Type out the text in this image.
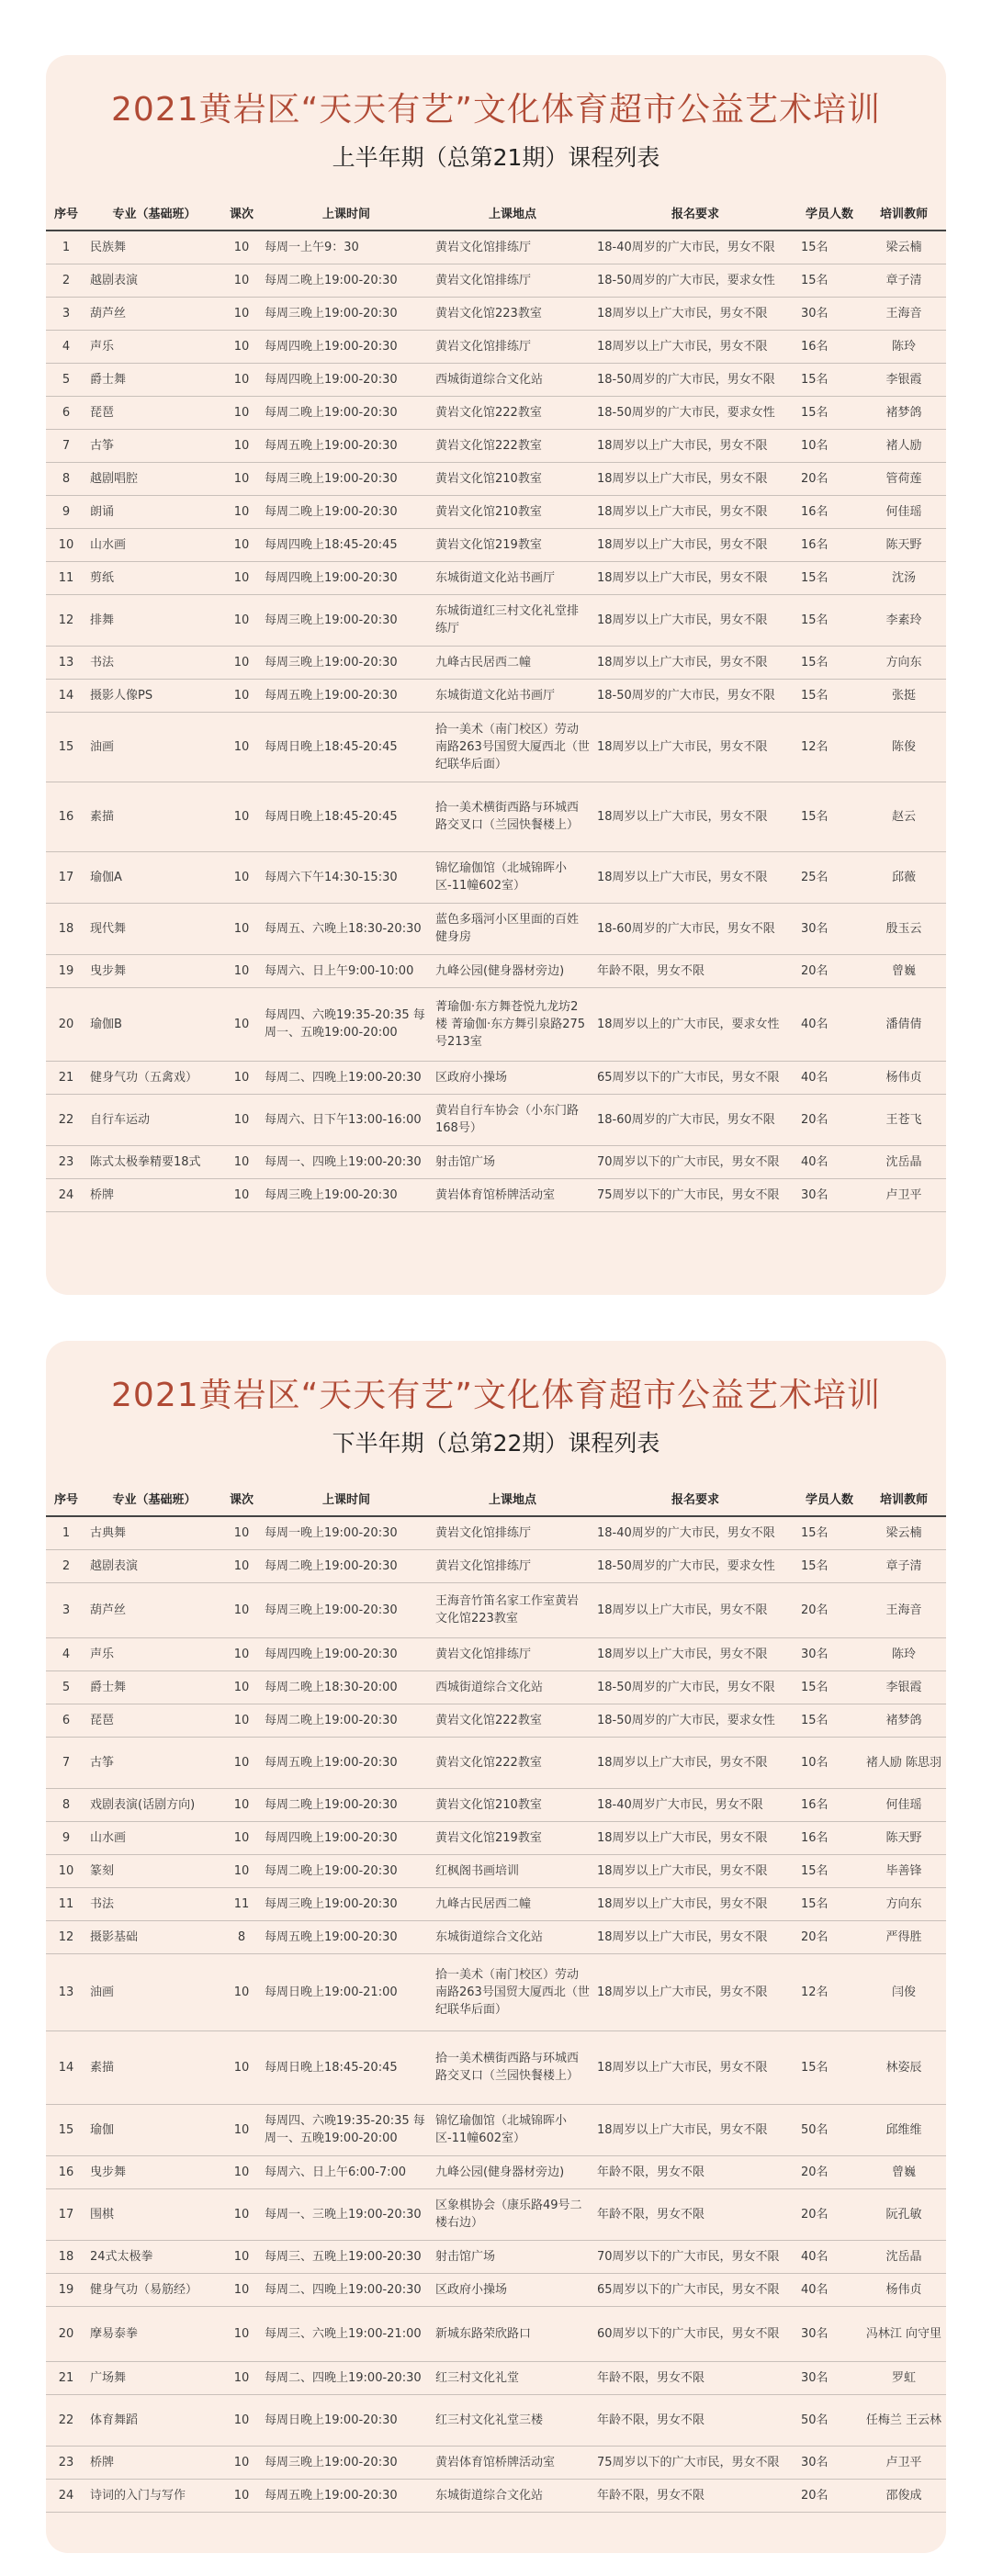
2021黄岩区“天天有艺”文化体育超市公益艺术培训
上半年期（总第21期）课程列表
序号	专业（基础班）	课次	上课时间	上课地点	报名要求	学员人数	培训教师
1	民族舞	10	每周一上午9：30	黄岩文化馆排练厅	18-40周岁的广大市民，男女不限	15名	梁云楠
2	越剧表演	10	每周二晚上19:00-20:30	黄岩文化馆排练厅	18-50周岁的广大市民，要求女性	15名	章子清
3	葫芦丝	10	每周三晚上19:00-20:30	黄岩文化馆223教室	18周岁以上广大市民，男女不限	30名	王海音
4	声乐	10	每周四晚上19:00-20:30	黄岩文化馆排练厅	18周岁以上广大市民，男女不限	16名	陈玲
5	爵士舞	10	每周四晚上19:00-20:30	西城街道综合文化站	18-50周岁的广大市民，男女不限	15名	李银霞
6	琵琶	10	每周二晚上19:00-20:30	黄岩文化馆222教室	18-50周岁的广大市民，要求女性	15名	褚梦鸽
7	古筝	10	每周五晚上19:00-20:30	黄岩文化馆222教室	18周岁以上广大市民，男女不限	10名	褚人励
8	越剧唱腔	10	每周三晚上19:00-20:30	黄岩文化馆210教室	18周岁以上广大市民，男女不限	20名	管荷莲
9	朗诵	10	每周二晚上19:00-20:30	黄岩文化馆210教室	18周岁以上广大市民，男女不限	16名	何佳瑶
10	山水画	10	每周四晚上18:45-20:45	黄岩文化馆219教室	18周岁以上广大市民，男女不限	16名	陈天野
11	剪纸	10	每周四晚上19:00-20:30	东城街道文化站书画厅	18周岁以上广大市民，男女不限	15名	沈汤
12	排舞	10	每周三晚上19:00-20:30	东城街道红三村文化礼堂排练厅	18周岁以上广大市民，男女不限	15名	李素玲
13	书法	10	每周三晚上19:00-20:30	九峰古民居西二幢	18周岁以上广大市民，男女不限	15名	方向东
14	摄影人像PS	10	每周五晚上19:00-20:30	东城街道文化站书画厅	18-50周岁的广大市民，男女不限	15名	张挺
15	油画	10	每周日晚上18:45-20:45	拾一美术（南门校区）劳动南路263号国贸大厦西北（世纪联华后面）	18周岁以上广大市民，男女不限	12名	陈俊
16	素描	10	每周日晚上18:45-20:45	拾一美术横街西路与环城西路交叉口（兰园快餐楼上）	18周岁以上广大市民，男女不限	15名	赵云
17	瑜伽A	10	每周六下午14:30-15:30	锦忆瑜伽馆（北城锦晖小区-11幢602室）	18周岁以上广大市民，男女不限	25名	邱薇
18	现代舞	10	每周五、六晚上18:30-20:30	蓝色多瑙河小区里面的百姓健身房	18-60周岁的广大市民，男女不限	30名	殷玉云
19	曳步舞	10	每周六、日上午9:00-10:00	九峰公园(健身器材旁边)	年龄不限，男女不限	20名	曾巍
20	瑜伽B	10	每周四、六晚19:35-20:35 每周一、五晚19:00-20:00	菁瑜伽·东方舞苍悦九龙坊2楼 菁瑜伽·东方舞引泉路275号213室	18周岁以上的广大市民，要求女性	40名	潘倩倩
21	健身气功（五禽戏）	10	每周二、四晚上19:00-20:30	区政府小操场	65周岁以下的广大市民，男女不限	40名	杨伟贞
22	自行车运动	10	每周六、日下午13:00-16:00	黄岩自行车协会（小东门路168号）	18-60周岁的广大市民，男女不限	20名	王苍飞
23	陈式太极拳精要18式	10	每周一、四晚上19:00-20:30	射击馆广场	70周岁以下的广大市民，男女不限	40名	沈岳晶
24	桥牌	10	每周三晚上19:00-20:30	黄岩体育馆桥牌活动室	75周岁以下的广大市民，男女不限	30名	卢卫平
2021黄岩区“天天有艺”文化体育超市公益艺术培训
下半年期（总第22期）课程列表
序号	专业（基础班）	课次	上课时间	上课地点	报名要求	学员人数	培训教师
1	古典舞	10	每周一晚上19:00-20:30	黄岩文化馆排练厅	18-40周岁的广大市民，男女不限	15名	梁云楠
2	越剧表演	10	每周二晚上19:00-20:30	黄岩文化馆排练厅	18-50周岁的广大市民，要求女性	15名	章子清
3	葫芦丝	10	每周三晚上19:00-20:30	王海音竹笛名家工作室黄岩文化馆223教室	18周岁以上广大市民，男女不限	20名	王海音
4	声乐	10	每周四晚上19:00-20:30	黄岩文化馆排练厅	18周岁以上广大市民，男女不限	30名	陈玲
5	爵士舞	10	每周二晚上18:30-20:00	西城街道综合文化站	18-50周岁的广大市民，男女不限	15名	李银霞
6	琵琶	10	每周二晚上19:00-20:30	黄岩文化馆222教室	18-50周岁的广大市民，要求女性	15名	褚梦鸽
7	古筝	10	每周五晚上19:00-20:30	黄岩文化馆222教室	18周岁以上广大市民，男女不限	10名	褚人励 陈思羽
8	戏剧表演(话剧方向)	10	每周二晚上19:00-20:30	黄岩文化馆210教室	18-40周岁广大市民，男女不限	16名	何佳瑶
9	山水画	10	每周四晚上19:00-20:30	黄岩文化馆219教室	18周岁以上广大市民，男女不限	16名	陈天野
10	篆刻	10	每周二晚上19:00-20:30	红枫阁书画培训	18周岁以上广大市民，男女不限	15名	毕善锋
11	书法	11	每周三晚上19:00-20:30	九峰古民居西二幢	18周岁以上广大市民，男女不限	15名	方向东
12	摄影基础	8	每周五晚上19:00-20:30	东城街道综合文化站	18周岁以上广大市民，男女不限	20名	严得胜
13	油画	10	每周日晚上19:00-21:00	拾一美术（南门校区）劳动南路263号国贸大厦西北（世纪联华后面）	18周岁以上广大市民，男女不限	12名	闫俊
14	素描	10	每周日晚上18:45-20:45	拾一美术横街西路与环城西路交叉口（兰园快餐楼上）	18周岁以上广大市民，男女不限	15名	林姿辰
15	瑜伽	10	每周四、六晚19:35-20:35 每周一、五晚19:00-20:00	锦忆瑜伽馆（北城锦晖小区-11幢602室）	18周岁以上广大市民，男女不限	50名	邱维维
16	曳步舞	10	每周六、日上午6:00-7:00	九峰公园(健身器材旁边)	年龄不限，男女不限	20名	曾巍
17	围棋	10	每周一、三晚上19:00-20:30	区象棋协会（康乐路49号二楼右边）	年龄不限，男女不限	20名	阮孔敏
18	24式太极拳	10	每周三、五晚上19:00-20:30	射击馆广场	70周岁以下的广大市民，男女不限	40名	沈岳晶
19	健身气功（易筋经）	10	每周二、四晚上19:00-20:30	区政府小操场	65周岁以下的广大市民，男女不限	40名	杨伟贞
20	摩易泰拳	10	每周三、六晚上19:00-21:00	新城东路荣欣路口	60周岁以下的广大市民，男女不限	30名	冯林江 向守里
21	广场舞	10	每周二、四晚上19:00-20:30	红三村文化礼堂	年龄不限，男女不限	30名	罗虹
22	体育舞蹈	10	每周日晚上19:00-20:30	红三村文化礼堂三楼	年龄不限，男女不限	50名	任梅兰 王云林
23	桥牌	10	每周三晚上19:00-20:30	黄岩体育馆桥牌活动室	75周岁以下的广大市民，男女不限	30名	卢卫平
24	诗词的入门与写作	10	每周五晚上19:00-20:30	东城街道综合文化站	年龄不限，男女不限	20名	邵俊成
